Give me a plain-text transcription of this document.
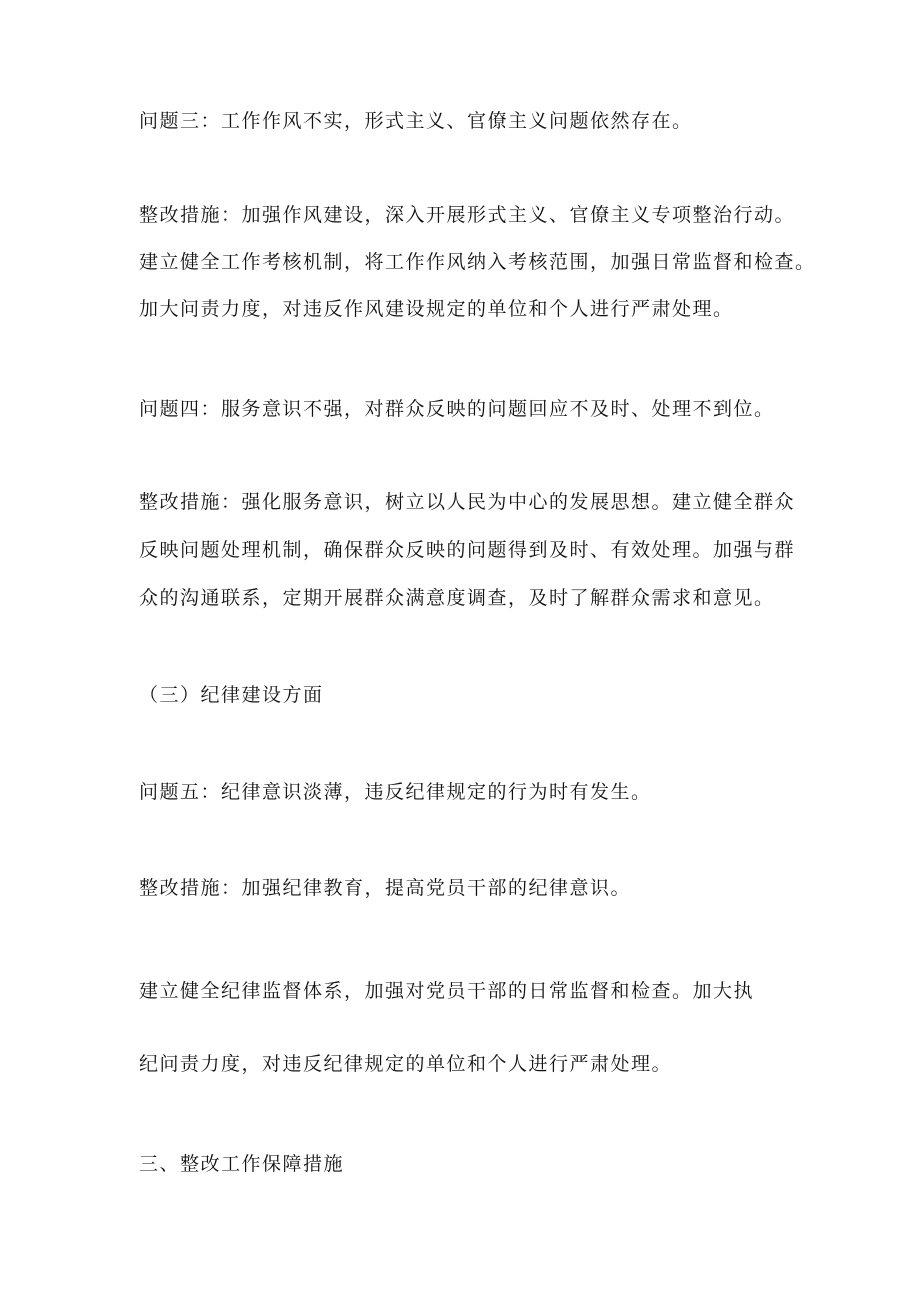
问题三：工作作风不实，形式主义、官僚主义问题依然存在。

整改措施：加强作风建设，深入开展形式主义、官僚主义专项整治行动。

建立健全工作考核机制，将工作作风纳入考核范围，加强日常监督和检查。

加大问责力度，对违反作风建设规定的单位和个人进行严肃处理。

问题四：服务意识不强，对群众反映的问题回应不及时、处理不到位。

整改措施：强化服务意识，树立以人民为中心的发展思想。建立健全群众

反映问题处理机制，确保群众反映的问题得到及时、有效处理。加强与群

众的沟通联系，定期开展群众满意度调查，及时了解群众需求和意见。

（三）纪律建设方面

问题五：纪律意识淡薄，违反纪律规定的行为时有发生。

整改措施：加强纪律教育，提高党员干部的纪律意识。

建立健全纪律监督体系，加强对党员干部的日常监督和检查。加大执

纪问责力度，对违反纪律规定的单位和个人进行严肃处理。

三、整改工作保障措施
